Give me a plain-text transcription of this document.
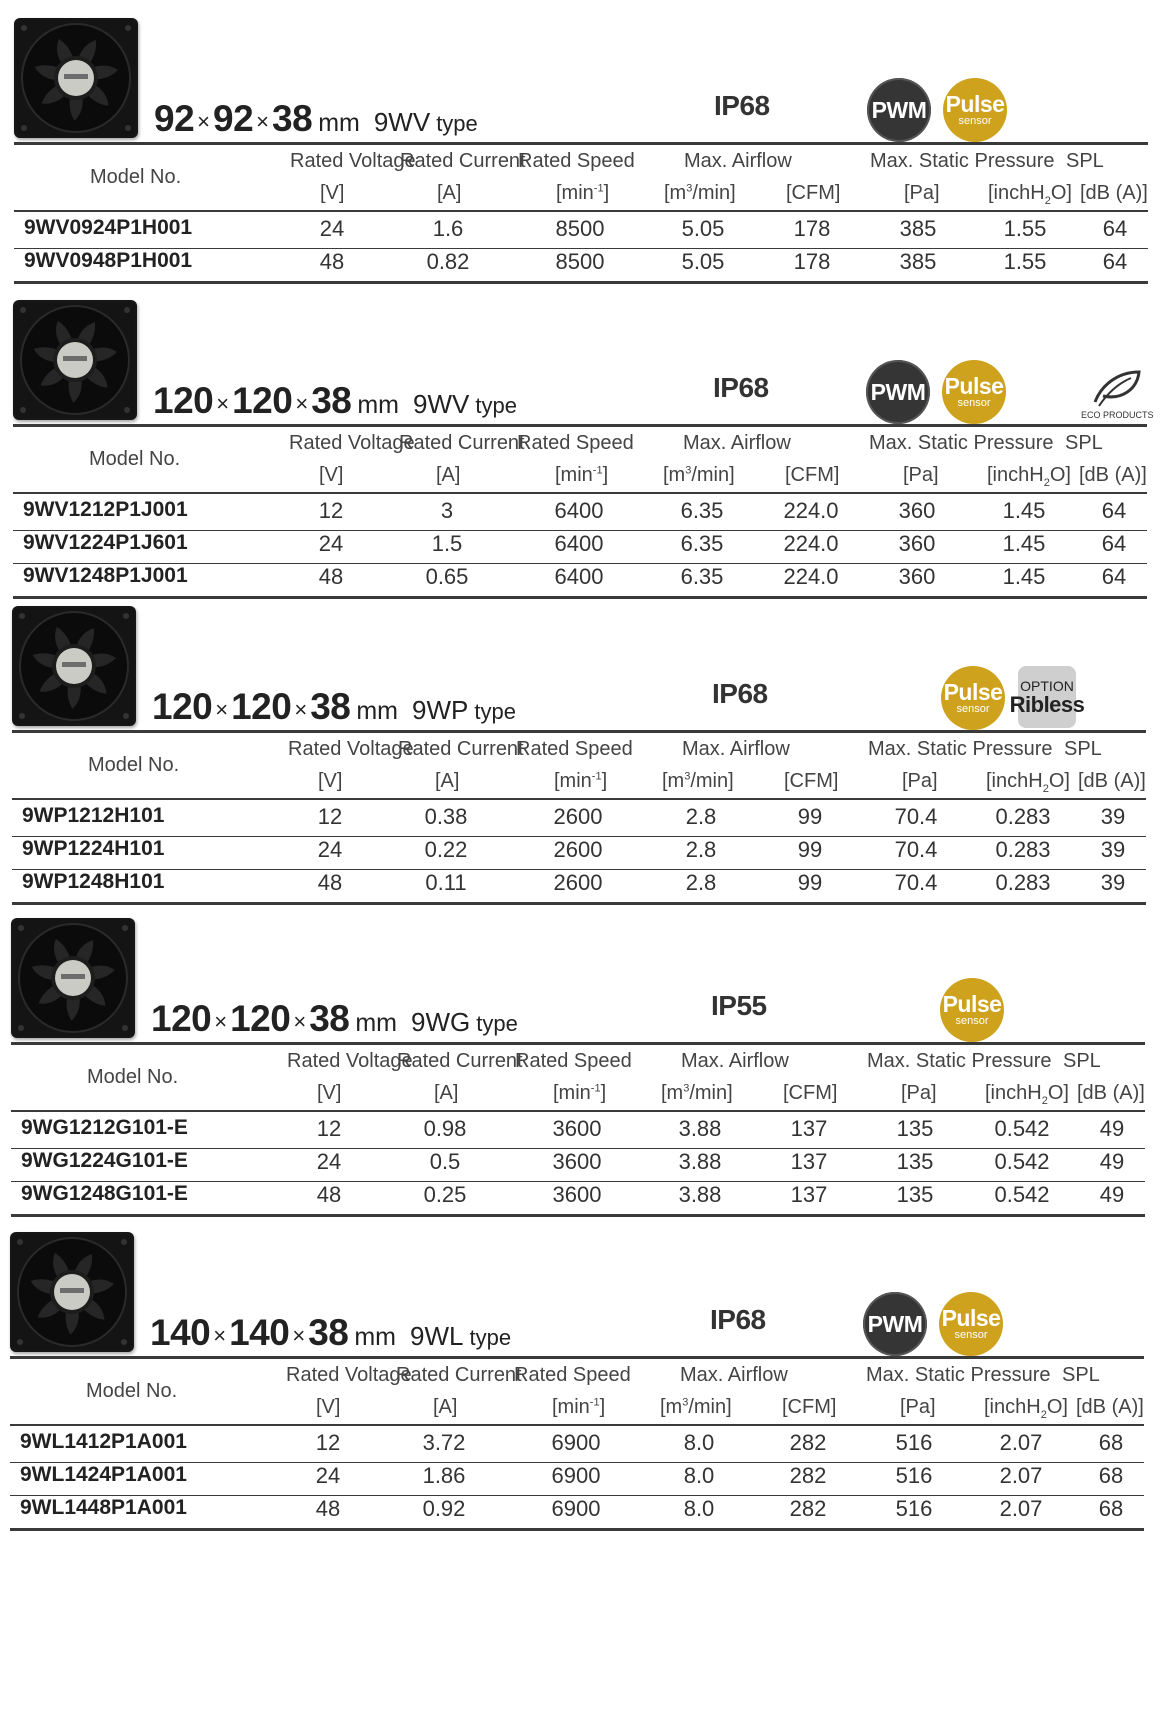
92 ×92 ×38 mm 9WV type
IP68	PWM Pulse
sensor
Model No.
Rated Voltage
Rated Current
Rated Speed Max. Airflow	Max. Static Pressure SPL
[V]	[A]	$[\min^{-1}]$	$[m^3/\min]$	[CFM]	[Pa] [inchH$_2$O] [dB (A)]
9WV0924P1H001	24	1.6	8500	5.05	178	385	1.55	64
9WV0948P1H001	48	0.82	8500	5.05	178	385	1.55	64
120 ×120 ×38 mm 9WV type
IP68	PWM Pulse
sensor
ECO PRODUCTS
Model No.
Rated Voltage
Rated Current
Rated Speed Max. Airflow	Max. Static Pressure SPL
[V]	[A]	$[\min^{-1}]$	$[m^3/\min]$	[CFM]	[Pa] [inchH$_2$O] [dB (A)]
9WV1212P1J001	12	3	6400	6.35	224.0	360	1.45	64
9WV1224P1J601	24	1.5	6400	6.35	224.0	360	1.45	64
9WV1248P1J001	48	0.65	6400	6.35	224.0	360	1.45	64
120 ×120 ×38 mm 9WP type
IP68	Pulse
sensor
OPTION
Ribless
Model No.
Rated Voltage
Rated Current
Rated Speed Max. Airflow	Max. Static Pressure SPL
[V]	[A]	$[\min^{-1}]$	$[m^3/\min]$	[CFM]	[Pa] [inchH$_2$O] [dB (A)]
9WP1212H101	12	0.38	2600	2.8	99	70.4	0.283 39
9WP1224H101	24	0.22	2600	2.8	99	70.4	0.283 39
9WP1248H101	48	0.11	2600	2.8	99	70.4	0.283 39
120 ×120 ×38 mm 9WG type
IP55	Pulse
sensor
Model No.
Rated Voltage
Rated Current
Rated Speed Max. Airflow	Max. Static Pressure SPL
[V]	[A]	$[\min^{-1}]$	$[m^3/\min]$	[CFM]	[Pa] [inchH$_2$O] [dB (A)]
9WG1212G101-E	12	0.98	3600	3.88	137	135	0.542 49
9WG1224G101-E	24	0.5	3600	3.88	137	135	0.542 49
9WG1248G101-E	48	0.25	3600	3.88	137	135	0.542 49
140 ×140 ×38 mm 9WL type
IP68	PWM Pulse
sensor
Model No.
Rated Voltage
Rated Current
Rated Speed Max. Airflow	Max. Static Pressure SPL
[V]	[A]	$[\min^{-1}]$	$[m^3/\min]$	[CFM]	[Pa] [inchH$_2$O] [dB (A)]
9WL1412P1A001	12	3.72	6900	8.0	282	516	2.07	68
9WL1424P1A001	24	1.86	6900	8.0	282	516	2.07	68
9WL1448P1A001	48	0.92	6900	8.0	282	516	2.07	68
